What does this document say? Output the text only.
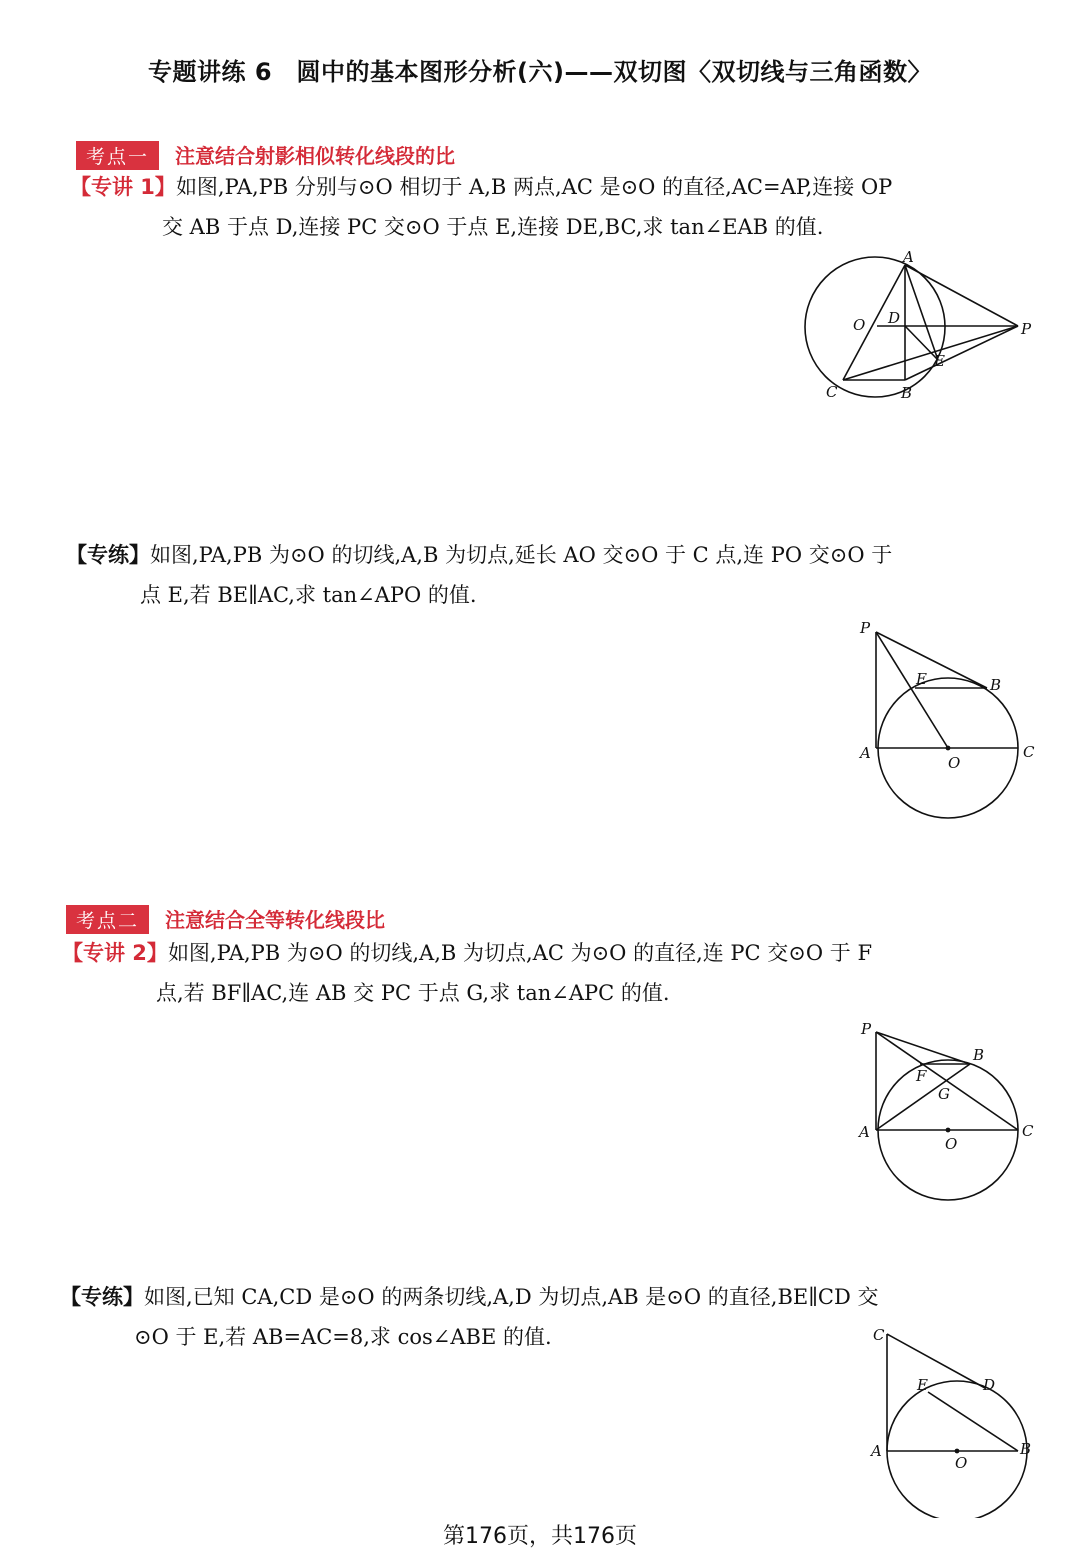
专题讲练 6　圆中的基本图形分析(六)——双切图〈双切线与三角函数〉
考点一 注意结合射影相似转化线段的比
【专讲 1】如图,PA,PB 分别与⊙O 相切于 A,B 两点,AC 是⊙O 的直径,AC=AP,连接 OP
交 AB 于点 D,连接 PC 交⊙O 于点 E,连接 DE,BC,求 tan∠EAB 的值.
A
O D
P
E
C	B
【专练】如图,PA,PB 为⊙O 的切线,A,B 为切点,延长 AO 交⊙O 于 C 点,连 PO 交⊙O 于
点 E,若 BE∥AC,求 tan∠APO 的值.
P
E	B
A
O
C
考点二 注意结合全等转化线段比
【专讲 2】如图,PA,PB 为⊙O 的切线,A,B 为切点,AC 为⊙O 的直径,连 PC 交⊙O 于 F
点,若 BF∥AC,连 AB 交 PC 于点 G,求 tan∠APC 的值.
P
B
F
G
A
O
C
【专练】如图,已知 CA,CD 是⊙O 的两条切线,A,D 为切点,AB 是⊙O 的直径,BE∥CD 交
⊙O 于 E,若 AB=AC=8,求 cos∠ABE 的值.	C
E	D
A
O
B
第176页，共176页
